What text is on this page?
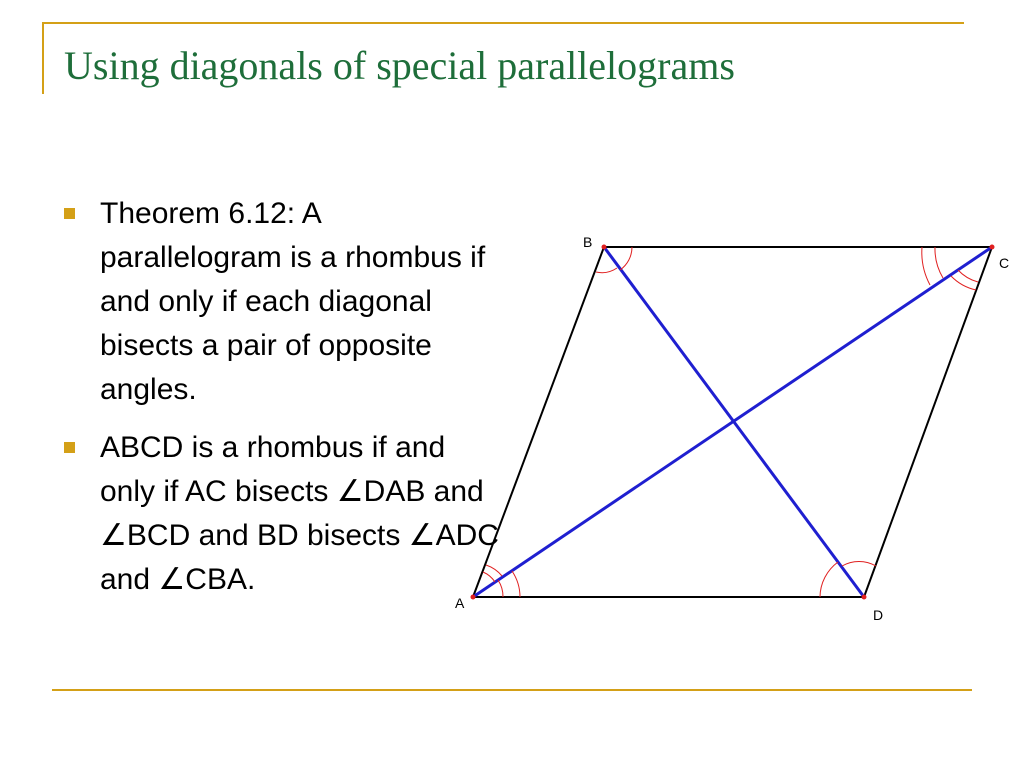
Using diagonals of special parallelograms
Theorem 6.12: A parallelogram is a rhombus if and only if each diagonal bisects a pair of opposite angles.
ABCD is a rhombus if and only if AC bisects ∠DAB and ∠BCD and BD bisects ∠ADC and ∠CBA.
A
B
C
D
